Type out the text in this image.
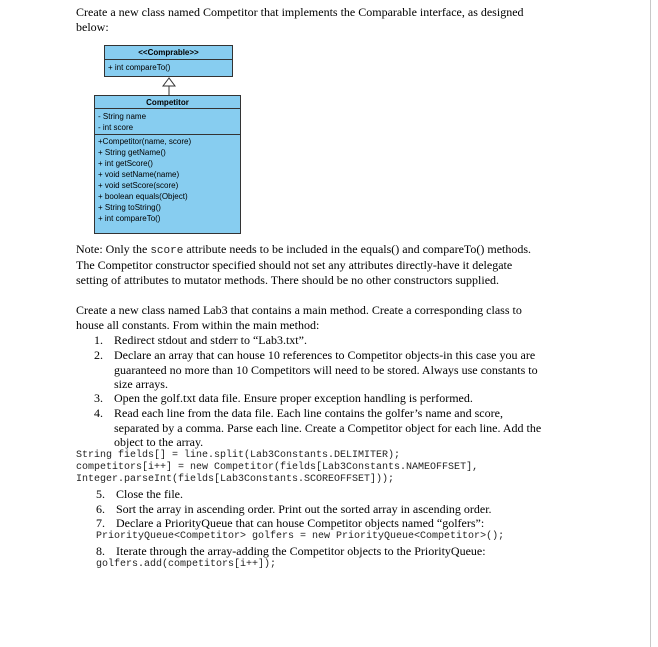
Create a new class named Competitor that implements the Comparable interface, as designed
below:
<<Comprable>>
+ int compareTo()
Competitor
- String name
- int score
+Competitor(name, score)
+ String getName()
+ int getScore()
+ void setName(name)
+ void setScore(score)
+ boolean equals(Object)
+ String toString()
+ int compareTo()
Note: Only the score attribute needs to be included in the equals() and compareTo() methods.
The Competitor constructor specified should not set any attributes directly-have it delegate
setting of attributes to mutator methods. There should be no other constructors supplied.
Create a new class named Lab3 that contains a main method. Create a corresponding class to
house all constants. From within the main method:
1. Redirect stdout and stderr to “Lab3.txt”.
2. Declare an array that can house 10 references to Competitor objects-in this case you are
guaranteed no more than 10 Competitors will need to be stored. Always use constants to
size arrays.
3. Open the golf.txt data file. Ensure proper exception handling is performed.
4. Read each line from the data file. Each line contains the golfer’s name and score,
separated by a comma. Parse each line. Create a Competitor object for each line. Add the
object to the array.
String fields[] = line.split(Lab3Constants.DELIMITER);
competitors[i++] = new Competitor(fields[Lab3Constants.NAMEOFFSET],
Integer.parseInt(fields[Lab3Constants.SCOREOFFSET]));
5. Close the file.
6. Sort the array in ascending order. Print out the sorted array in ascending order.
7. Declare a PriorityQueue that can house Competitor objects named “golfers”:
PriorityQueue<Competitor> golfers = new PriorityQueue<Competitor>();
8. Iterate through the array-adding the Competitor objects to the PriorityQueue:
golfers.add(competitors[i++]);
